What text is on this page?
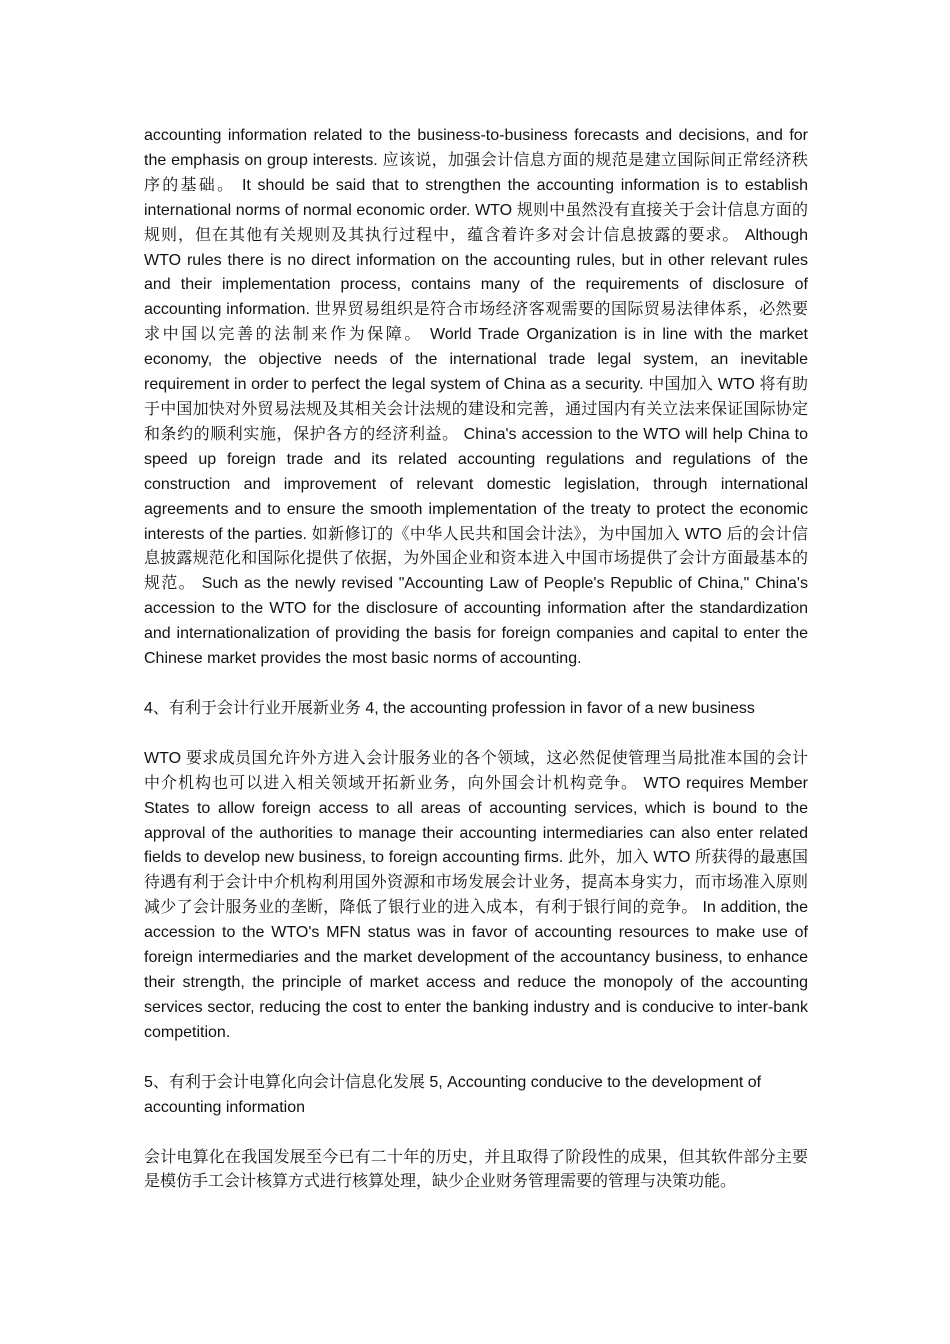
accounting information related to the business-to-business forecasts and decisions, and for the emphasis on group interests. 应该说，加强会计信息方面的规范是建立国际间正常经济秩序的基础。 It should be said that to strengthen the accounting information is to establish international norms of normal economic order. WTO 规则中虽然没有直接关于会计信息方面的规则，但在其他有关规则及其执行过程中，蕴含着许多对会计信息披露的要求。 Although WTO rules there is no direct information on the accounting rules, but in other relevant rules and their implementation process, contains many of the requirements of disclosure of accounting information. 世界贸易组织是符合市场经济客观需要的国际贸易法律体系，必然要求中国以完善的法制来作为保障。 World Trade Organization is in line with the market economy, the objective needs of the international trade legal system, an inevitable requirement in order to perfect the legal system of China as a security. 中国加入 WTO 将有助于中国加快对外贸易法规及其相关会计法规的建设和完善，通过国内有关立法来保证国际协定和条约的顺利实施，保护各方的经济利益。 China's accession to the WTO will help China to speed up foreign trade and its related accounting regulations and regulations of the construction and improvement of relevant domestic legislation, through international agreements and to ensure the smooth implementation of the treaty to protect the economic interests of the parties. 如新修订的《中华人民共和国会计法》，为中国加入 WTO 后的会计信息披露规范化和国际化提供了依据，为外国企业和资本进入中国市场提供了会计方面最基本的规范。 Such as the newly revised "Accounting Law of People's Republic of China," China's accession to the WTO for the disclosure of accounting information after the standardization and internationalization of providing the basis for foreign companies and capital to enter the Chinese market provides the most basic norms of accounting.

4、有利于会计行业开展新业务 4, the accounting profession in favor of a new business

WTO 要求成员国允许外方进入会计服务业的各个领域，这必然促使管理当局批准本国的会计中介机构也可以进入相关领域开拓新业务，向外国会计机构竞争。 WTO requires Member States to allow foreign access to all areas of accounting services, which is bound to the approval of the authorities to manage their accounting intermediaries can also enter related fields to develop new business, to foreign accounting firms. 此外，加入 WTO 所获得的最惠国待遇有利于会计中介机构利用国外资源和市场发展会计业务，提高本身实力，而市场准入原则减少了会计服务业的垄断，降低了银行业的进入成本，有利于银行间的竞争。 In addition, the accession to the WTO's MFN status was in favor of accounting resources to make use of foreign intermediaries and the market development of the accountancy business, to enhance their strength, the principle of market access and reduce the monopoly of the accounting services sector, reducing the cost to enter the banking industry and is conducive to inter-bank competition.

5、有利于会计电算化向会计信息化发展 5, Accounting conducive to the development of accounting information

会计电算化在我国发展至今已有二十年的历史，并且取得了阶段性的成果，但其软件部分主要是模仿手工会计核算方式进行核算处理，缺少企业财务管理需要的管理与决策功能。
